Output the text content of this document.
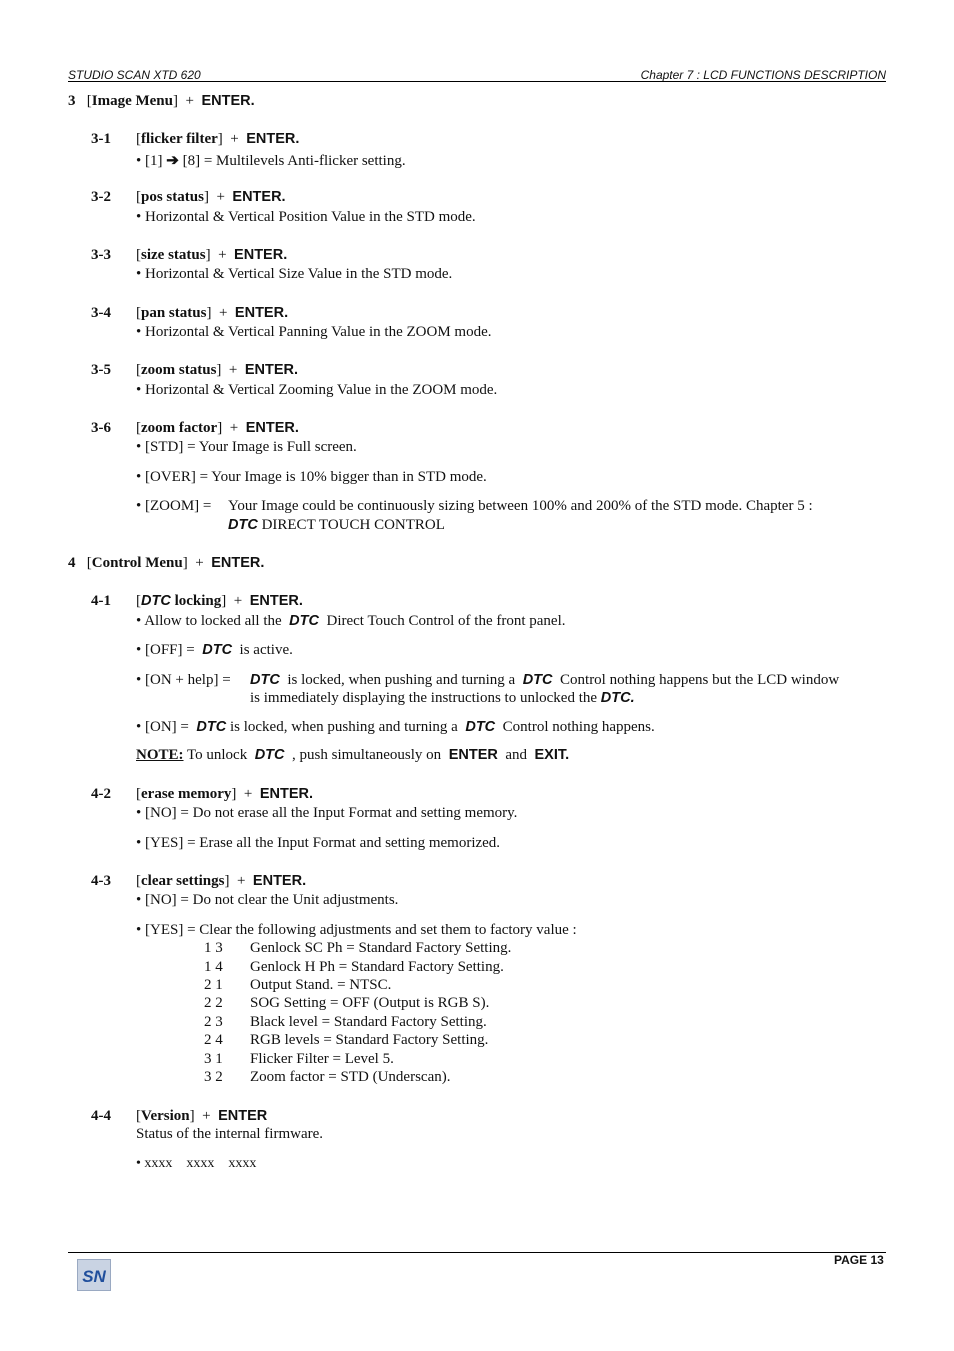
STUDIO SCAN XTD 620	Chapter 7 : LCD FUNCTIONS DESCRIPTION
3   [Image Menu]  + ENTER.
3-1 [flicker filter]  + ENTER.
• [1] ➔ [8] = Multilevels Anti-flicker setting.
3-2 [pos status]  + ENTER.
• Horizontal & Vertical Position Value in the STD mode.
3-3 [size status]  + ENTER.
• Horizontal & Vertical Size Value in the STD mode.
3-4 [pan status]  + ENTER.
• Horizontal & Vertical Panning Value in the ZOOM mode.
3-5 [zoom status]  + ENTER.
• Horizontal & Vertical Zooming Value in the ZOOM mode.
3-6 [zoom factor]  + ENTER.
• [STD] = Your Image is Full screen.
• [OVER] = Your Image is 10% bigger than in STD mode.
• [ZOOM] = Your Image could be continuously sizing between 100% and 200% of the STD mode. Chapter 5 :
DTC DIRECT TOUCH CONTROL
4   [Control Menu]  + ENTER.
4-1 [DTC locking]  + ENTER.
• Allow to locked all the DTC Direct Touch Control of the front panel.
• [OFF] = DTC is active.
• [ON + help] = DTC is locked, when pushing and turning a DTC Control nothing happens but the LCD window
is immediately displaying the instructions to unlocked the DTC.
• [ON] = DTC is locked, when pushing and turning a DTC Control nothing happens.
NOTE: To unlock DTC , push simultaneously on ENTER and EXIT.
4-2 [erase memory]  + ENTER.
• [NO] = Do not erase all the Input Format and setting memory.
• [YES] = Erase all the Input Format and setting memorized.
4-3 [clear settings]  + ENTER.
• [NO] = Do not clear the Unit adjustments.
• [YES] = Clear the following adjustments and set them to factory value :
1 3 Genlock SC Ph = Standard Factory Setting.
1 4 Genlock H Ph = Standard Factory Setting.
2 1 Output Stand. = NTSC.
2 2 SOG Setting = OFF (Output is RGB S).
2 3 Black level = Standard Factory Setting.
2 4 RGB levels = Standard Factory Setting.
3 1 Flicker Filter = Level 5.
3 2 Zoom factor = STD (Underscan).
4-4 [Version]  + ENTER
Status of the internal firmware.
• xxxx xxxx xxxx
PAGE 13
SN
